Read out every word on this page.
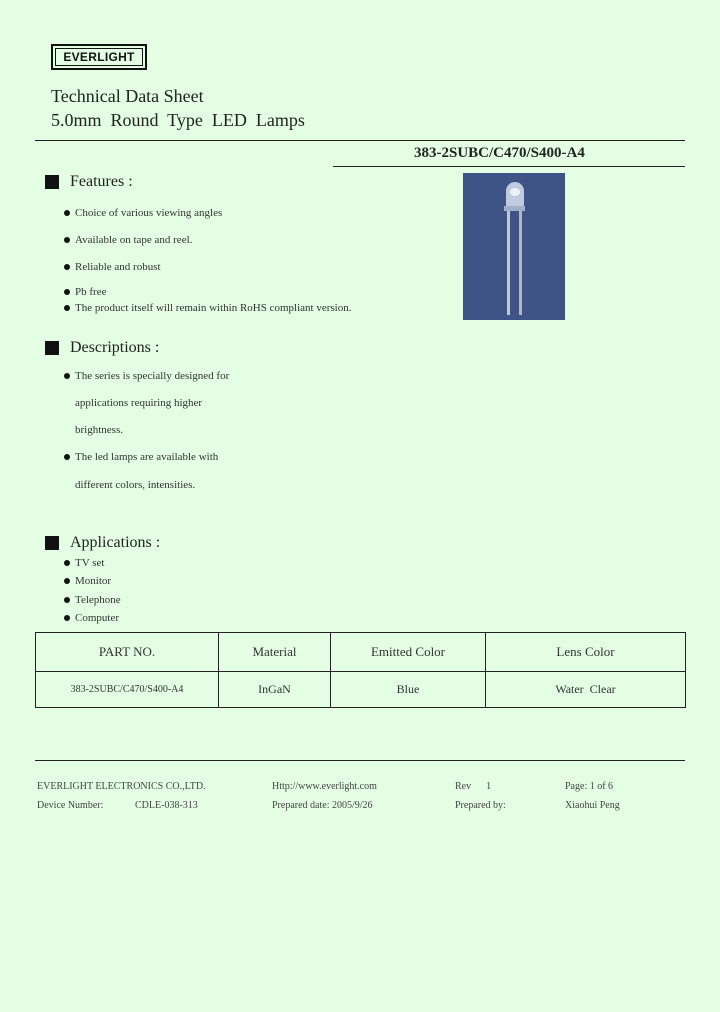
EVERLIGHT
Technical Data Sheet
5.0mm  Round  Type  LED  Lamps
383-2SUBC/C470/S400-A4
Features :
Choice of various viewing angles
Available on tape and reel.
Reliable and robust
Pb free
The product itself will remain within RoHS compliant version.
Descriptions :
The series is specially designed for
applications requiring higher
brightness.
The led lamps are available with
different colors, intensities.
Applications :
TV set
Monitor
Telephone
Computer
PART NO.	Material	Emitted Color	Lens Color
383-2SUBC/C470/S400-A4	InGaN	Blue	Water  Clear
EVERLIGHT ELECTRONICS CO.,LTD.	Http://www.everlight.com	Rev      1	Page: 1 of 6
Device Number:	CDLE-038-313	Prepared date: 2005/9/26	Prepared by:	Xiaohui Peng
